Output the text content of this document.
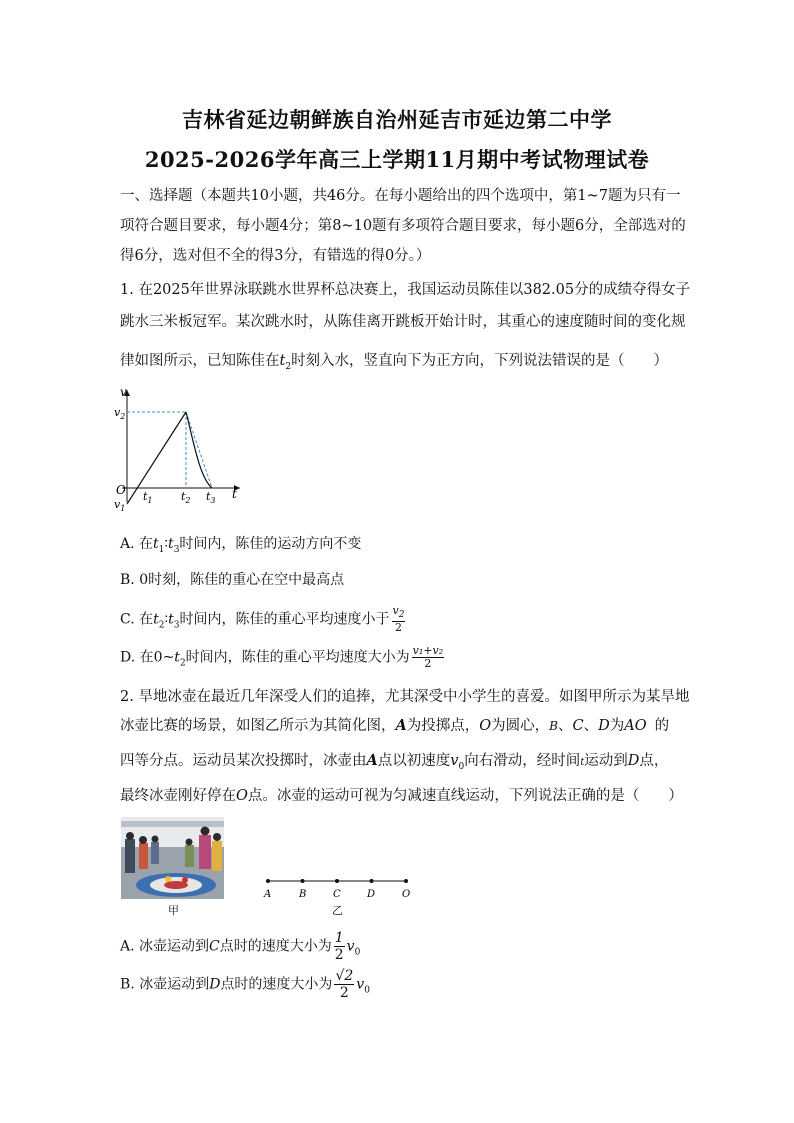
吉林省延边朝鲜族自治州延吉市延边第二中学
2025-2026学年高三上学期11月期中考试物理试卷
一、选择题（本题共10小题，共46分。在每小题给出的四个选项中，第1~7题为只有一
项符合题目要求，每小题4分；第8~10题有多项符合题目要求，每小题6分，全部选对的
得6分，选对但不全的得3分，有错选的得0分。）
1. 在2025年世界泳联跳水世界杯总决赛上，我国运动员陈佳以382.05分的成绩夺得女子
跳水三米板冠军。某次跳水时，从陈佳离开跳板开始计时，其重心的速度随时间的变化规
律如图所示，已知陈佳在$t_2$时刻入水，竖直向下为正方向，下列说法错误的是（　　）
v
t
O
$v_2$
$v_1$
$t_1$	$t_2$ $t_3$
A. 在$t_1∶t_3$时间内，陈佳的运动方向不变
B. 0时刻，陈佳的重心在空中最高点
C. 在$t_2∶t_3$时间内，陈佳的重心平均速度小于 $\frac{v_2}{2}$
D. 在$0\sim t_2$时间内，陈佳的重心平均速度大小为 $\frac{\text{v₁+v₂}}{2}$
2. 旱地冰壶在最近几年深受人们的追捧，尤其深受中小学生的喜爱。如图甲所示为某旱地
冰壶比赛的场景，如图乙所示为其简化图，A为投掷点，O为圆心，B、C、D为AO 的
四等分点。运动员某次投掷时，冰壶由A点以初速度$v_0$向右滑动，经时间t运动到D点，
最终冰壶刚好停在O点。冰壶的运动可视为匀减速直线运动，下列说法正确的是（　　）
甲
A	B	C	D	O
乙
A. 冰壶运动到C点时的速度大小为 $\frac{1}{2} v_0$
B. 冰壶运动到D点时的速度大小为 $\frac{√2}{2} v_0$
